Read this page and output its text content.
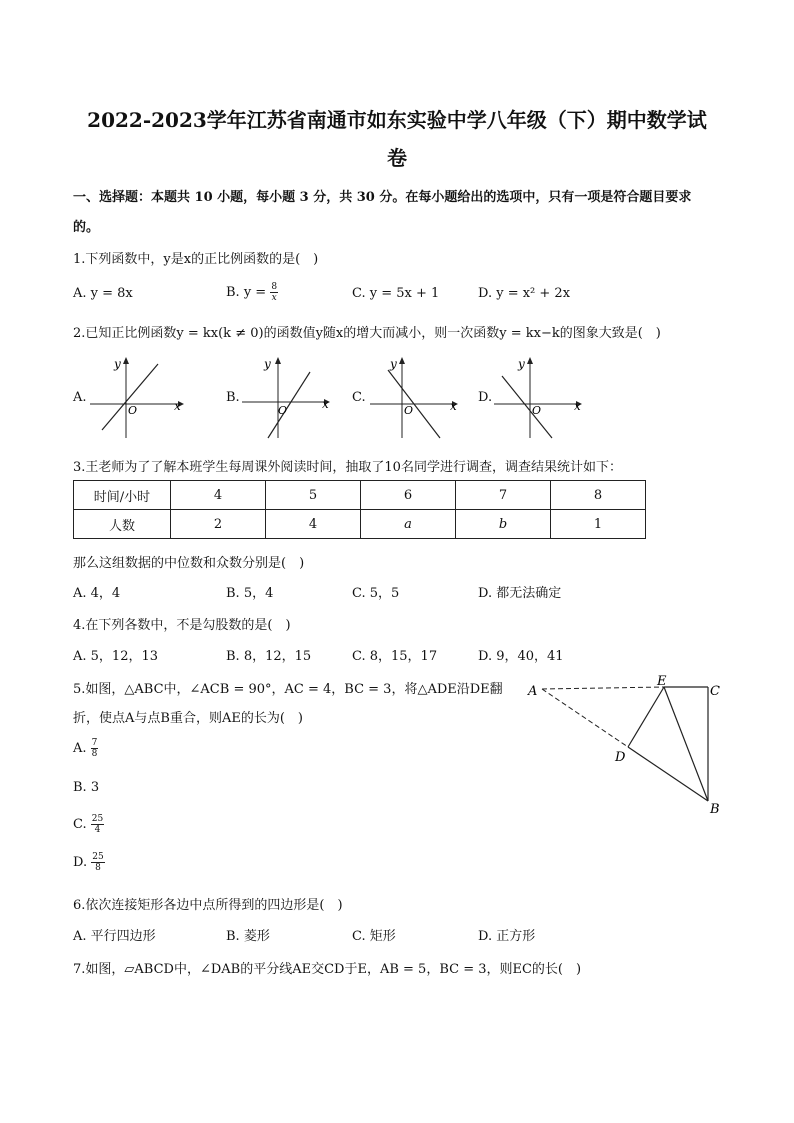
2022-2023学年江苏省南通市如东实验中学八年级（下）期中数学试
卷
一、选择题：本题共 10 小题，每小题 3 分，共 30 分。在每小题给出的选项中，只有一项是符合题目要求
的。
1.下列函数中，y是x的正比例函数的是(　)
A. y = 8x	B. $y = \frac{8}{x}$	C. y = 5x + 1	D. y = x² + 2x
2.已知正比例函数y = kx(k ≠ 0)的函数值y随x的增大而减小，则一次函数y = kx−k的图象大致是(　)
A.	B.	C.	D.
y
x
O
y
x
O
y
x
O
y
x
O
3.王老师为了了解本班学生每周课外阅读时间，抽取了10名同学进行调查，调查结果统计如下：
时间/小时	4	5	6	7	8
人数	2	4	a	b	1
那么这组数据的中位数和众数分别是(　)
A. 4，4	B. 5，4	C. 5，5	D. 都无法确定
4.在下列各数中，不是勾股数的是(　)
A. 5，12，13	B. 8，12，15	C. 8，15，17	D. 9，40，41
5.如图，△ABC中，∠ACB = 90°，AC = 4，BC = 3，将△ADE沿DE翻
折，使点A与点B重合，则AE的长为(　)
A. $\frac{7}{8}$
B. 3
C. $\frac{25}{4}$
D. $\frac{25}{8}$
A
E
C
D
B
6.依次连接矩形各边中点所得到的四边形是(　)
A. 平行四边形	B. 菱形	C. 矩形	D. 正方形
7.如图，▱ABCD中，∠DAB的平分线AE交CD于E，AB = 5，BC = 3，则EC的长(　)
